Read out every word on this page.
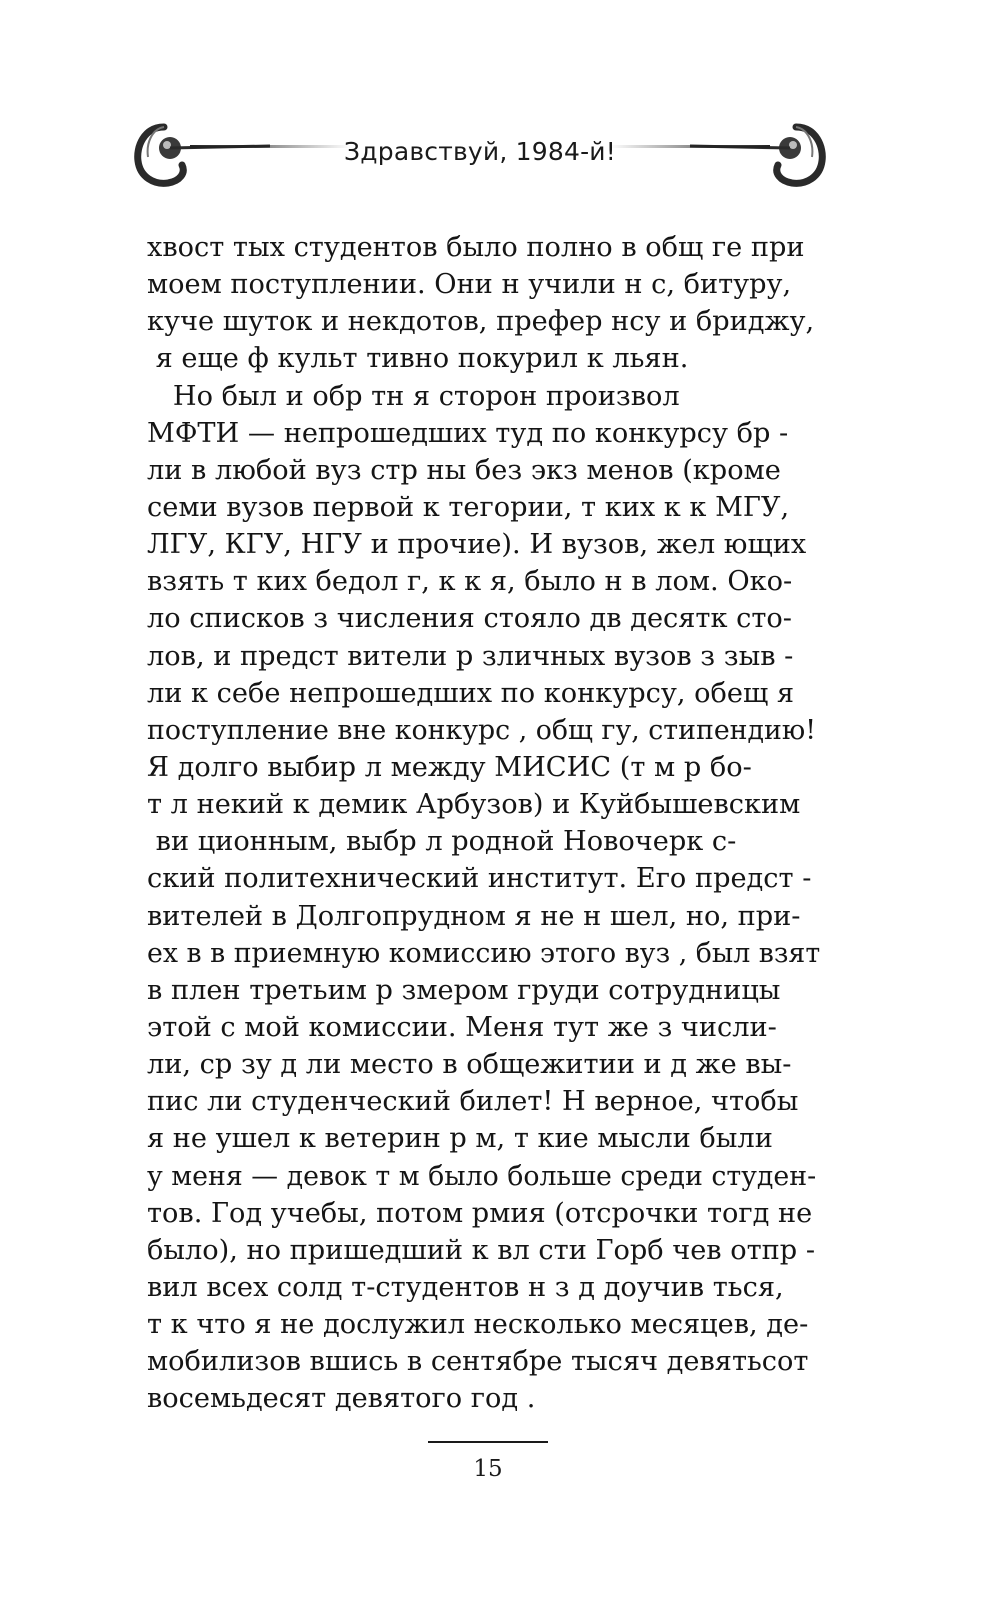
Здравствуй, 1984-й!
хвост тых студентов было полно в общ ге при
моем поступлении. Они н учили н с, битуру,
куче шуток и некдотов, префер нсу и бриджу,
я еще ф культ тивно покурил к льян.
Но был и обр тн я сторон произвол
МФТИ — непрошедших туд по конкурсу бр -
ли в любой вуз стр ны без экз менов (кроме
семи вузов первой к тегории, т ких к к МГУ,
ЛГУ, КГУ, НГУ и прочие). И вузов, жел ющих
взять т ких бедол г, к к я, было н в лом. Око-
ло списков з числения стояло дв десятк сто-
лов, и предст вители р зличных вузов з зыв -
ли к себе непрошедших по конкурсу, обещ я
поступление вне конкурс , общ гу, стипендию!
Я долго выбир л между МИСИС (т м р бо-
т л некий к демик Арбузов) и Куйбышевским
ви ционным, выбр л родной Новочерк с-
ский политехнический институт. Его предст -
вителей в Долгопрудном я не н шел, но, при-
ех в в приемную комиссию этого вуз , был взят
в плен третьим р змером груди сотрудницы
этой с мой комиссии. Меня тут же з числи-
ли, ср зу д ли место в общежитии и д же вы-
пис ли студенческий билет! Н верное, чтобы
я не ушел к ветерин р м, т кие мысли были
у меня — девок т м было больше среди студен-
тов. Год учебы, потом рмия (отсрочки тогд не
было), но пришедший к вл сти Горб чев отпр -
вил всех солд т-студентов н з д доучив ться,
т к что я не дослужил несколько месяцев, де-
мобилизов вшись в сентябре тысяч девятьсот
восемьдесят девятого год .
15
